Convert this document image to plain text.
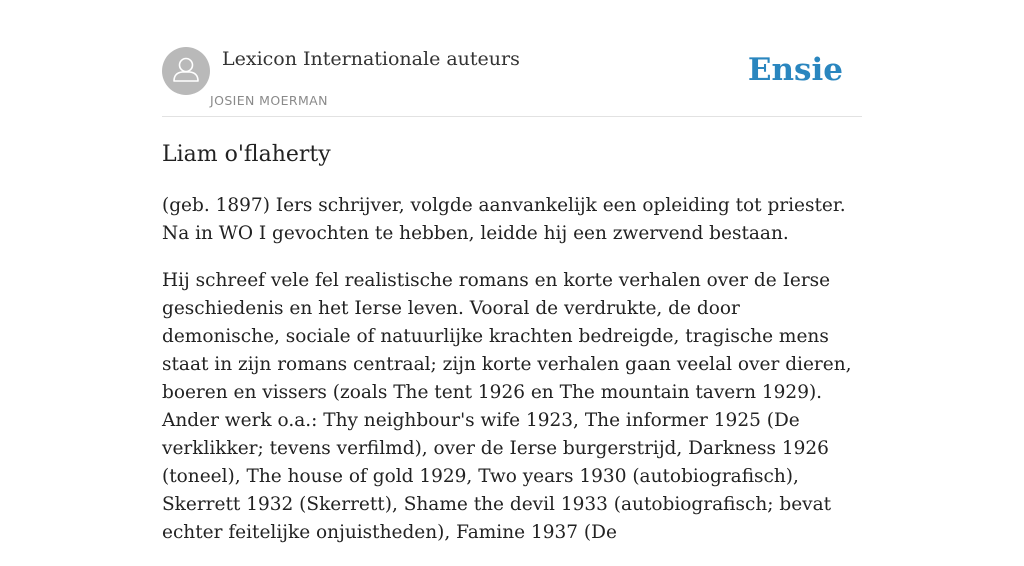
Lexicon Internationale auteurs
JOSIEN MOERMAN
Ensie
Liam o'flaherty

(geb. 1897) Iers schrijver, volgde aanvankelijk een opleiding tot priester. Na in WO I gevochten te hebben, leidde hij een zwervend bestaan.

Hij schreef vele fel realistische romans en korte verhalen over de Ierse geschiedenis en het Ierse leven. Vooral de verdrukte, de door demonische, sociale of natuurlijke krachten bedreigde, tragische mens staat in zijn romans centraal; zijn korte verhalen gaan veelal over dieren, boeren en vissers (zoals The tent 1926 en The mountain tavern 1929). Ander werk o.a.: Thy neighbour's wife 1923, The informer 1925 (De verklikker; tevens verfilmd), over de Ierse burgerstrijd, Darkness 1926 (toneel), The house of gold 1929, Two years 1930 (autobiografisch), Skerrett 1932 (Skerrett), Shame the devil 1933 (autobiografisch; bevat echter feitelijke onjuistheden), Famine 1937 (De
